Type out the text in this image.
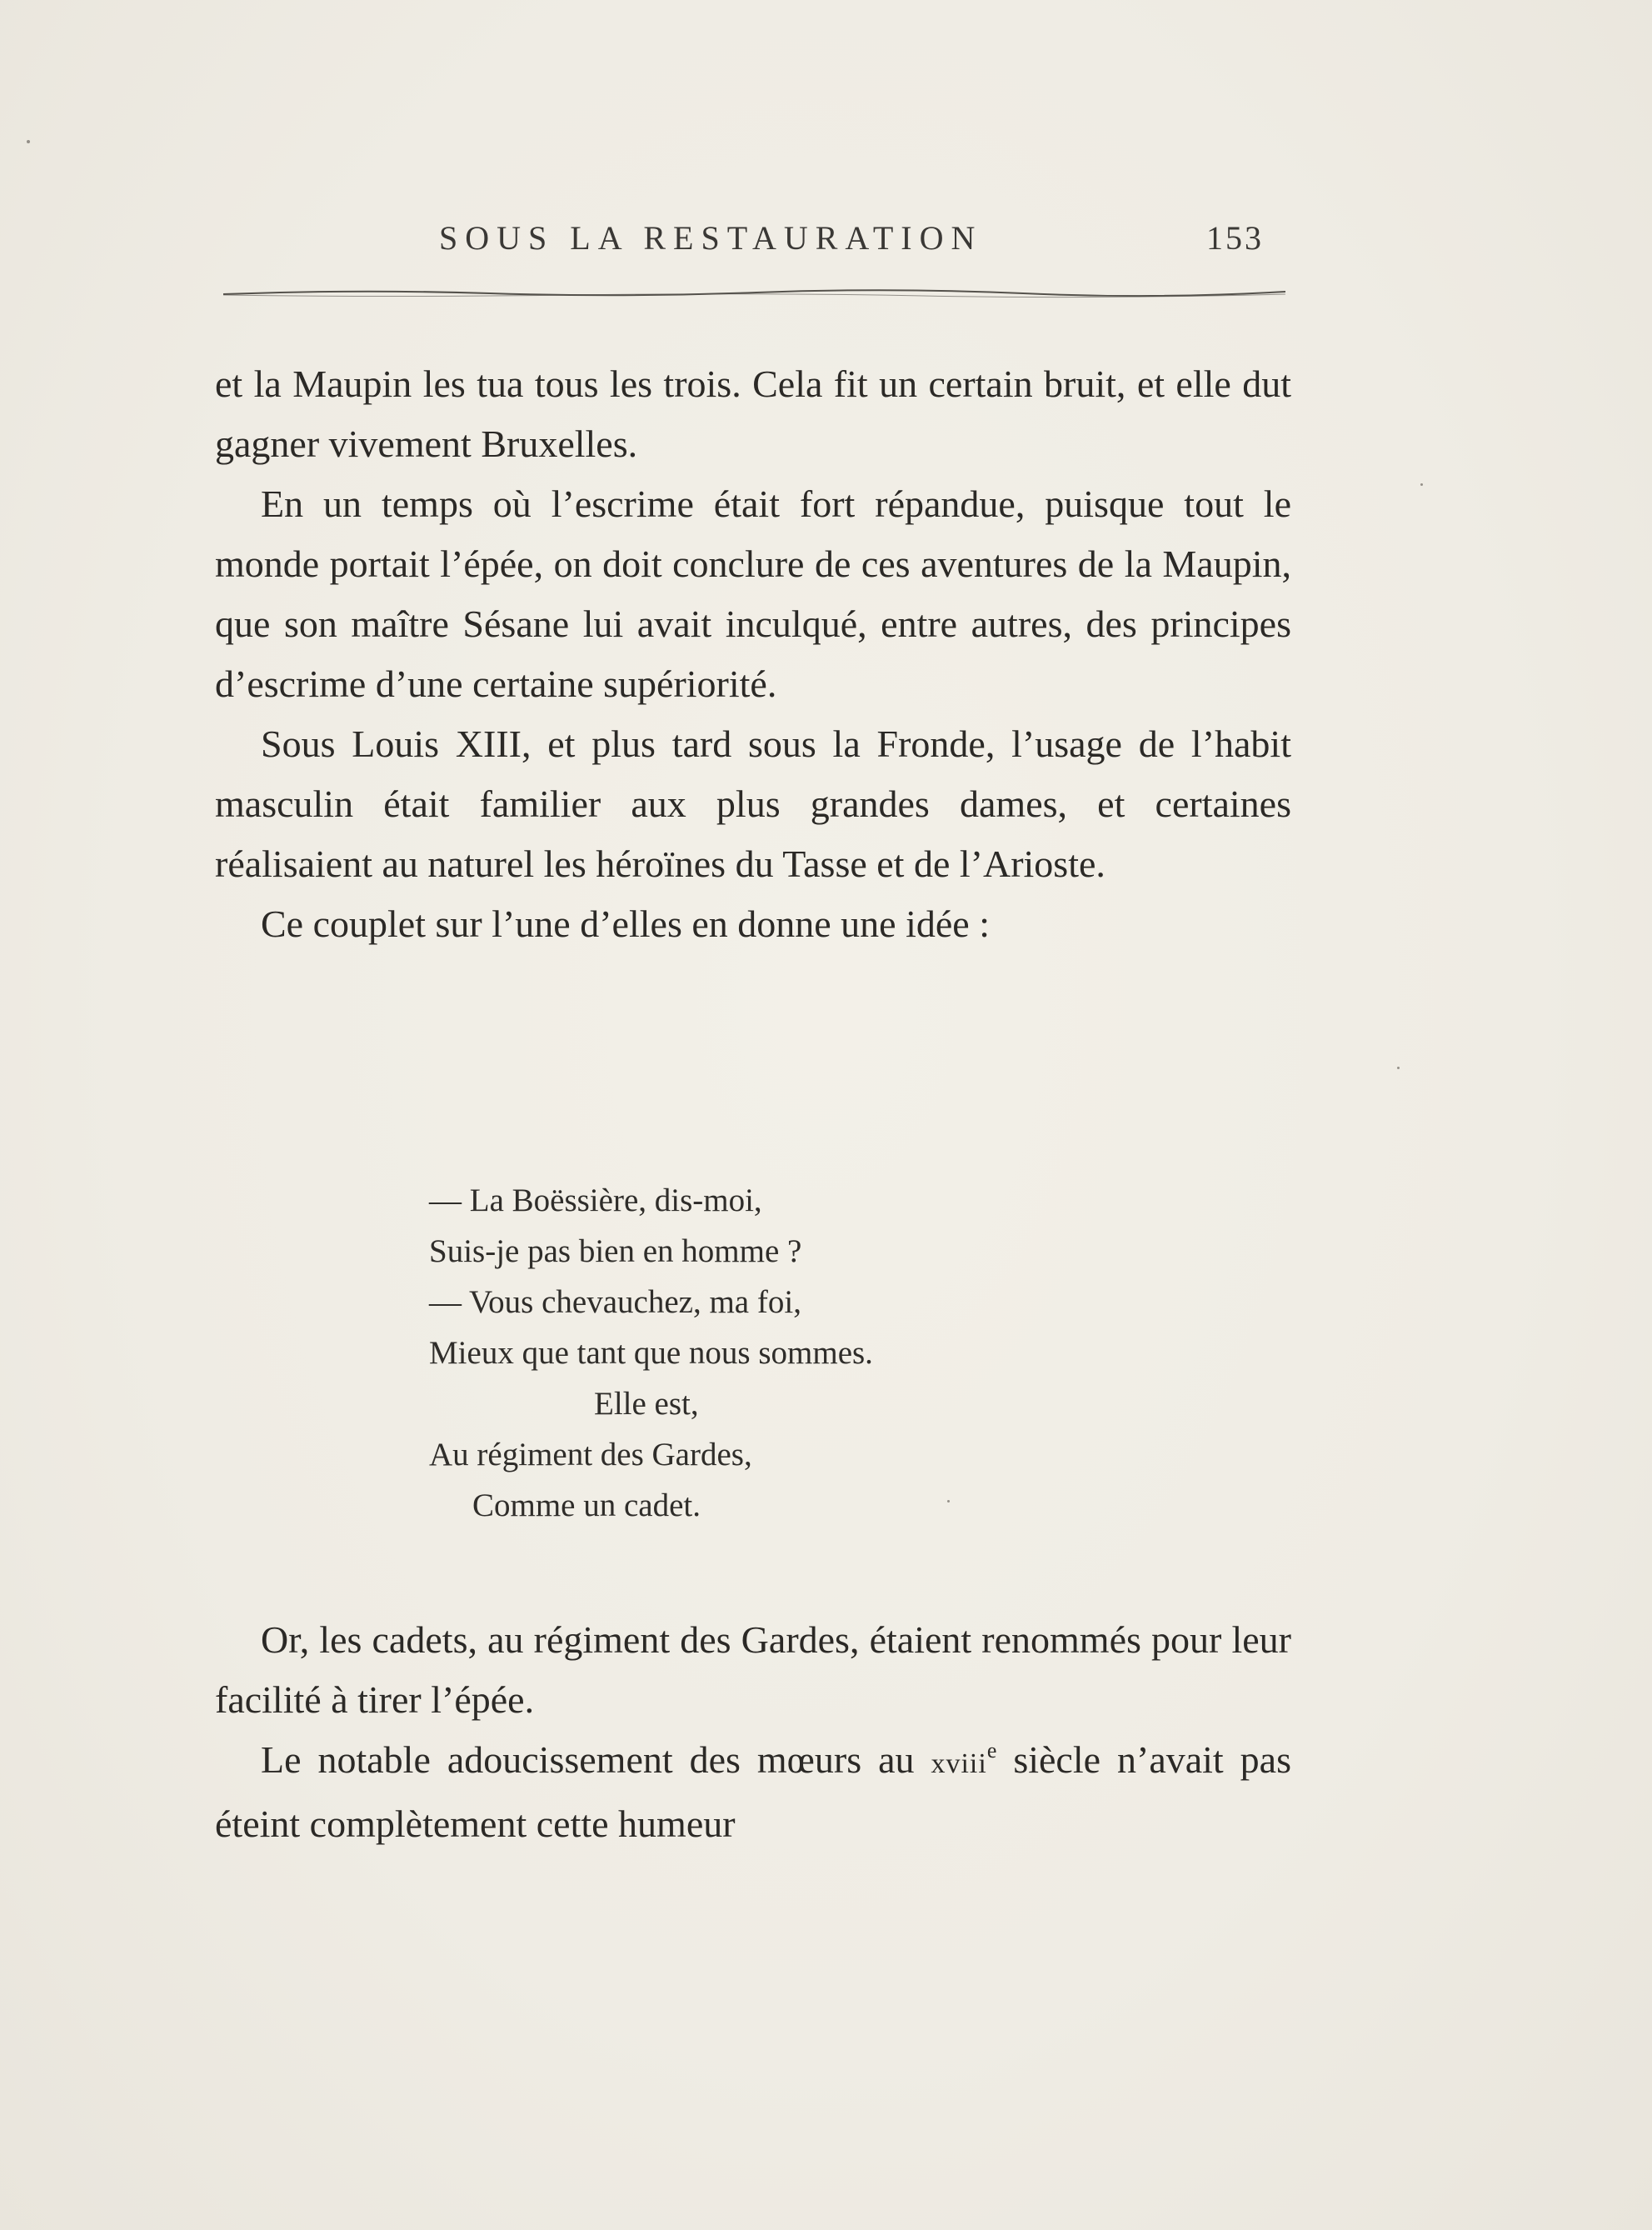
SOUS LA RESTAURATION	153

et la Maupin les tua tous les trois. Cela fit un certain bruit, et elle dut gagner vivement Bruxelles.

En un temps où l’escrime était fort répandue, puisque tout le monde portait l’épée, on doit conclure de ces aventures de la Maupin, que son maître Sésane lui avait inculqué, entre autres, des principes d’escrime d’une certaine supériorité.

Sous Louis XIII, et plus tard sous la Fronde, l’usage de l’habit masculin était familier aux plus grandes dames, et certaines réalisaient au naturel les héroïnes du Tasse et de l’Arioste.

Ce couplet sur l’une d’elles en donne une idée :

— La Boëssière, dis-moi,
Suis-je pas bien en homme ?
— Vous chevauchez, ma foi,
Mieux que tant que nous sommes.
Elle est,
Au régiment des Gardes,
Comme un cadet.

Or, les cadets, au régiment des Gardes, étaient renommés pour leur facilité à tirer l’épée.

Le notable adoucissement des mœurs au xviii$^e$ siècle n’avait pas éteint complètement cette humeur
